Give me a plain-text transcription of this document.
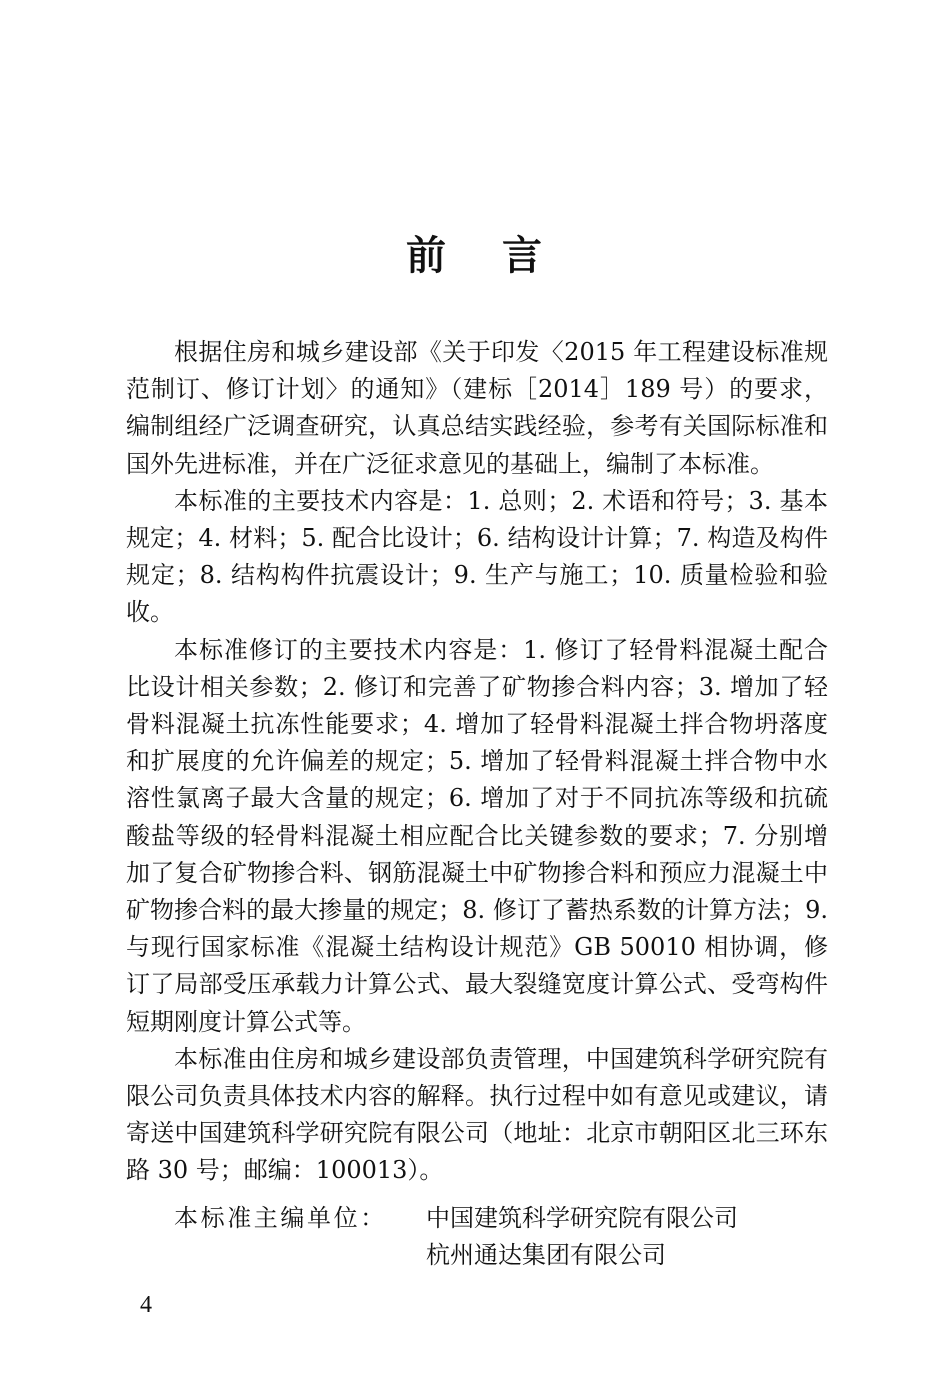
前 言

根据住房和城乡建设部《关于印发〈2015 年工程建设标准规范制订、修订计划〉的通知》（建标［2014］189 号）的要求，编制组经广泛调查研究，认真总结实践经验，参考有关国际标准和国外先进标准，并在广泛征求意见的基础上，编制了本标准。

本标准的主要技术内容是：1. 总则；2. 术语和符号；3. 基本规定；4. 材料；5. 配合比设计；6. 结构设计计算；7. 构造及构件规定；8. 结构构件抗震设计；9. 生产与施工；10. 质量检验和验收。

本标准修订的主要技术内容是：1. 修订了轻骨料混凝土配合比设计相关参数；2. 修订和完善了矿物掺合料内容；3. 增加了轻骨料混凝土抗冻性能要求；4. 增加了轻骨料混凝土拌合物坍落度和扩展度的允许偏差的规定；5. 增加了轻骨料混凝土拌合物中水溶性氯离子最大含量的规定；6. 增加了对于不同抗冻等级和抗硫酸盐等级的轻骨料混凝土相应配合比关键参数的要求；7. 分别增加了复合矿物掺合料、钢筋混凝土中矿物掺合料和预应力混凝土中矿物掺合料的最大掺量的规定；8. 修订了蓄热系数的计算方法；9. 与现行国家标准《混凝土结构设计规范》GB 50010 相协调，修订了局部受压承载力计算公式、最大裂缝宽度计算公式、受弯构件短期刚度计算公式等。

本标准由住房和城乡建设部负责管理，中国建筑科学研究院有限公司负责具体技术内容的解释。执行过程中如有意见或建议，请寄送中国建筑科学研究院有限公司（地址：北京市朝阳区北三环东路 30 号；邮编：100013）。

本标准主编单位： 中国建筑科学研究院有限公司
杭州通达集团有限公司
4
